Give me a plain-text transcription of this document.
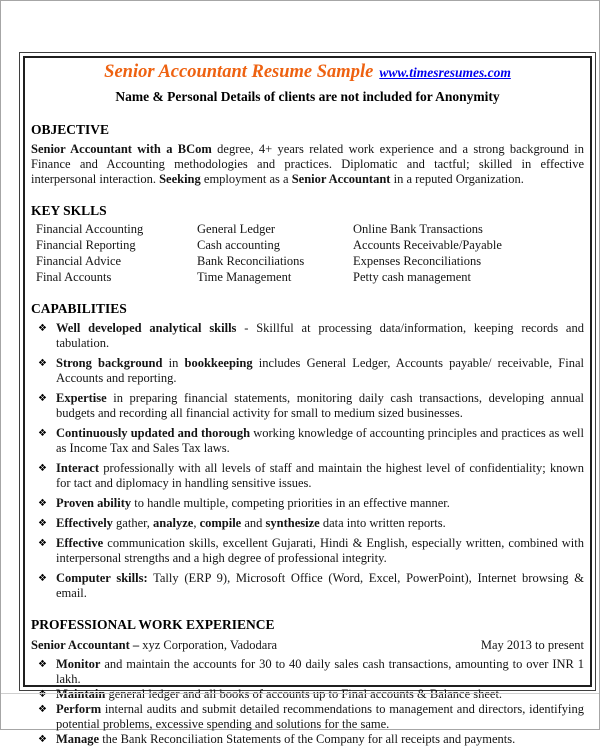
Senior Accountant Resume Sample www.timesresumes.com
Name & Personal Details of clients are not included for Anonymity
OBJECTIVE
Senior Accountant with a BCom degree, 4+ years related work experience and a strong background in Finance and Accounting methodologies and practices. Diplomatic and tactful; skilled in effective interpersonal interaction. Seeking employment as a Senior Accountant in a reputed Organization.
KEY SKLLS
Financial Accounting	General Ledger	Online Bank Transactions
Financial Reporting	Cash accounting	Accounts Receivable/Payable
Financial Advice	Bank Reconciliations	Expenses Reconciliations
Final Accounts	Time Management	Petty cash management
CAPABILITIES
❖ Well developed analytical skills - Skillful at processing data/information, keeping records and tabulation.
❖ Strong background in bookkeeping includes General Ledger, Accounts payable/ receivable, Final Accounts and reporting.
❖ Expertise in preparing financial statements, monitoring daily cash transactions, developing annual budgets and recording all financial activity for small to medium sized businesses.
❖ Continuously updated and thorough working knowledge of accounting principles and practices as well as Income Tax and Sales Tax laws.
❖ Interact professionally with all levels of staff and maintain the highest level of confidentiality; known for tact and diplomacy in handling sensitive issues.
❖ Proven ability to handle multiple, competing priorities in an effective manner.
❖ Effectively gather, analyze, compile and synthesize data into written reports.
❖ Effective communication skills, excellent Gujarati, Hindi & English, especially written, combined with interpersonal strengths and a high degree of professional integrity.
❖ Computer skills: Tally (ERP 9), Microsoft Office (Word, Excel, PowerPoint), Internet browsing & email.
PROFESSIONAL WORK EXPERIENCE
Senior Accountant – xyz Corporation, Vadodara	May 2013 to present
❖ Monitor and maintain the accounts for 30 to 40 daily sales cash transactions, amounting to over INR 1 lakh.
❖ Maintain general ledger and all books of accounts up to Final accounts & Balance sheet.
❖ Perform internal audits and submit detailed recommendations to management and directors, identifying potential problems, excessive spending and solutions for the same.
❖ Manage the Bank Reconciliation Statements of the Company for all receipts and payments.
